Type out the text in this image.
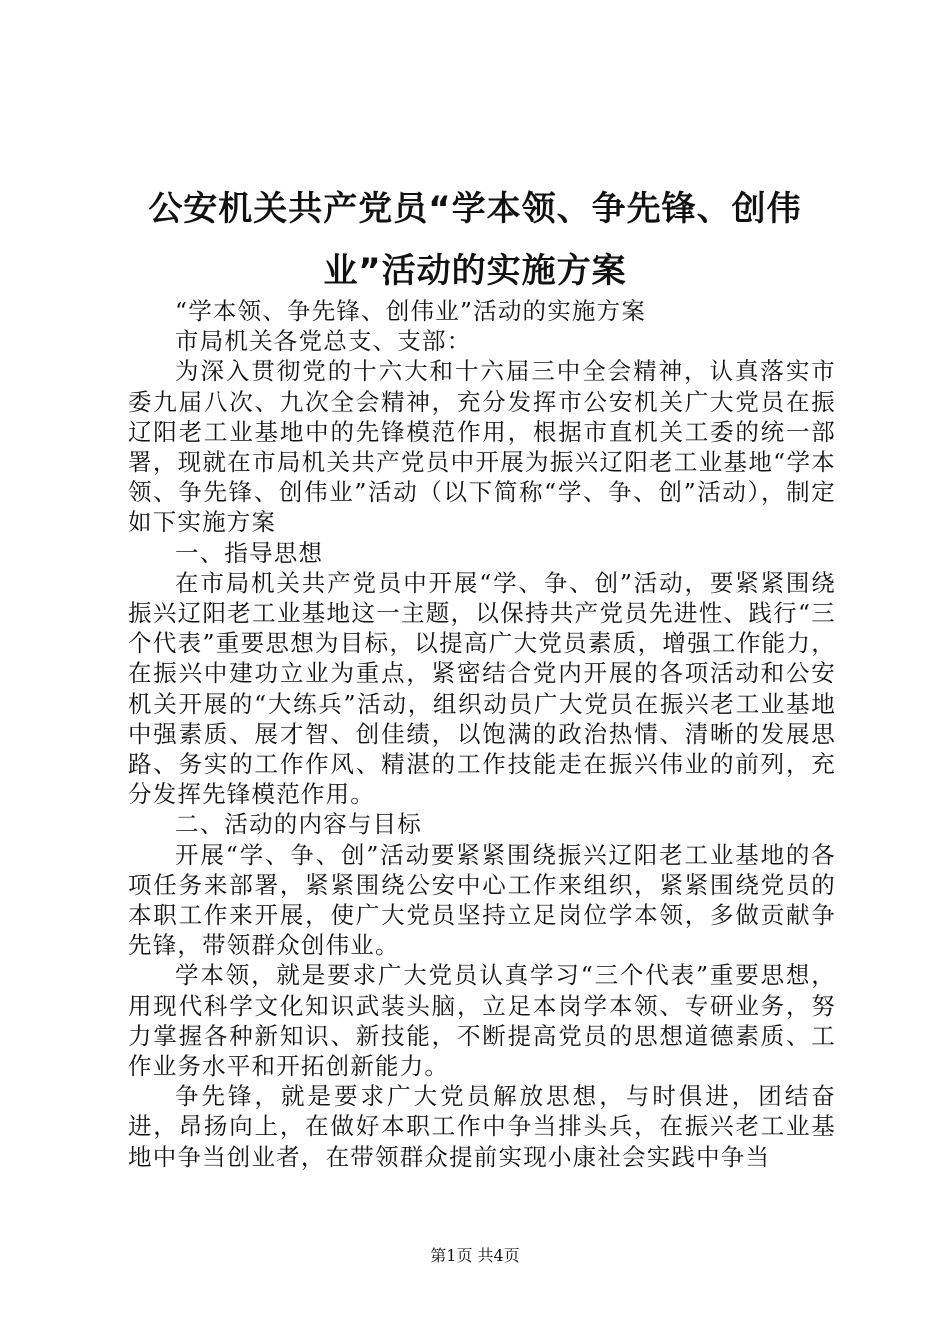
公安机关共产党员“学本领、争先锋、创伟
业”活动的实施方案

“学本领、争先锋、创伟业”活动的实施方案

市局机关各党总支、支部：

为深入贯彻党的十六大和十六届三中全会精神，认真落实市委九届八次、九次全会精神，充分发挥市公安机关广大党员在振辽阳老工业基地中的先锋模范作用，根据市直机关工委的统一部署，现就在市局机关共产党员中开展为振兴辽阳老工业基地“学本领、争先锋、创伟业”活动（以下简称“学、争、创”活动），制定如下实施方案

一、指导思想

在市局机关共产党员中开展“学、争、创”活动，要紧紧围绕振兴辽阳老工业基地这一主题，以保持共产党员先进性、践行“三个代表”重要思想为目标，以提高广大党员素质，增强工作能力，在振兴中建功立业为重点，紧密结合党内开展的各项活动和公安机关开展的“大练兵”活动，组织动员广大党员在振兴老工业基地中强素质、展才智、创佳绩，以饱满的政治热情、清晰的发展思路、务实的工作作风、精湛的工作技能走在振兴伟业的前列，充分发挥先锋模范作用。

二、活动的内容与目标

开展“学、争、创”活动要紧紧围绕振兴辽阳老工业基地的各项任务来部署，紧紧围绕公安中心工作来组织，紧紧围绕党员的本职工作来开展，使广大党员坚持立足岗位学本领，多做贡献争先锋，带领群众创伟业。

学本领，就是要求广大党员认真学习“三个代表”重要思想，用现代科学文化知识武装头脑，立足本岗学本领、专研业务，努力掌握各种新知识、新技能，不断提高党员的思想道德素质、工作业务水平和开拓创新能力。

争先锋，就是要求广大党员解放思想，与时俱进，团结奋进，昂扬向上，在做好本职工作中争当排头兵，在振兴老工业基地中争当创业者，在带领群众提前实现小康社会实践中争当

第1页 共4页
